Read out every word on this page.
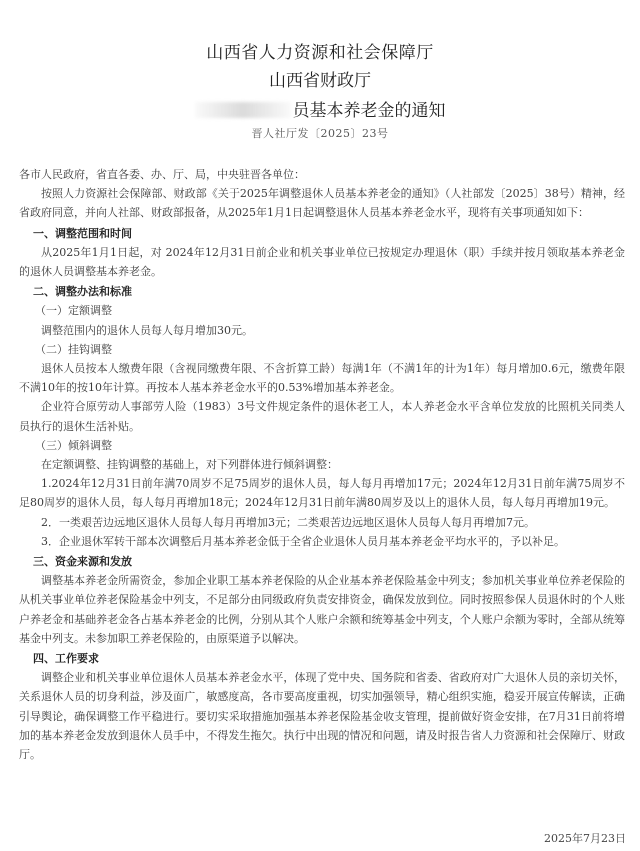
山西省人力资源和社会保障厅
山西省财政厅
员基本养老金的通知
晋人社厅发〔2025〕23号

各市人民政府，省直各委、办、厅、局，中央驻晋各单位：

按照人力资源社会保障部、财政部《关于2025年调整退休人员基本养老金的通知》（人社部发〔2025〕38号）精神，经省政府同意，并向人社部、财政部报备，从2025年1月1日起调整退休人员基本养老金水平，现将有关事项通知如下：

一、调整范围和时间

从2025年1月1日起，对 2024年12月31日前企业和机关事业单位已按规定办理退休（职）手续并按月领取基本养老金的退休人员调整基本养老金。

二、调整办法和标准

（一）定额调整

调整范围内的退休人员每人每月增加30元。

（二）挂钩调整

退休人员按本人缴费年限（含视同缴费年限、不含折算工龄）每满1年（不满1年的计为1年）每月增加0.6元，缴费年限不满10年的按10年计算。再按本人基本养老金水平的0.53%增加基本养老金。

企业符合原劳动人事部劳人险（1983）3号文件规定条件的退休老工人，本人养老金水平含单位发放的比照机关同类人员执行的退休生活补贴。

（三）倾斜调整

在定额调整、挂钩调整的基础上，对下列群体进行倾斜调整：

1.2024年12月31日前年满70周岁不足75周岁的退休人员，每人每月再增加17元；2024年12月31日前年满75周岁不足80周岁的退休人员，每人每月再增加18元；2024年12月31日前年满80周岁及以上的退休人员，每人每月再增加19元。

2．一类艰苦边远地区退休人员每人每月再增加3元；二类艰苦边远地区退休人员每人每月再增加7元。

3．企业退休军转干部本次调整后月基本养老金低于全省企业退休人员月基本养老金平均水平的，予以补足。

三、资金来源和发放

调整基本养老金所需资金，参加企业职工基本养老保险的从企业基本养老保险基金中列支；参加机关事业单位养老保险的从机关事业单位养老保险基金中列支，不足部分由同级政府负责安排资金，确保发放到位。同时按照参保人员退休时的个人账户养老金和基础养老金各占基本养老金的比例，分别从其个人账户余额和统筹基金中列支，个人账户余额为零时，全部从统筹基金中列支。未参加职工养老保险的，由原渠道予以解决。

四、工作要求

调整企业和机关事业单位退休人员基本养老金水平，体现了党中央、国务院和省委、省政府对广大退休人员的亲切关怀，关系退休人员的切身利益，涉及面广，敏感度高，各市要高度重视，切实加强领导，精心组织实施，稳妥开展宣传解读，正确引导舆论，确保调整工作平稳进行。要切实采取措施加强基本养老保险基金收支管理，提前做好资金安排，在7月31日前将增加的基本养老金发放到退休人员手中，不得发生拖欠。执行中出现的情况和问题，请及时报告省人力资源和社会保障厅、财政厅。

2025年7月23日
